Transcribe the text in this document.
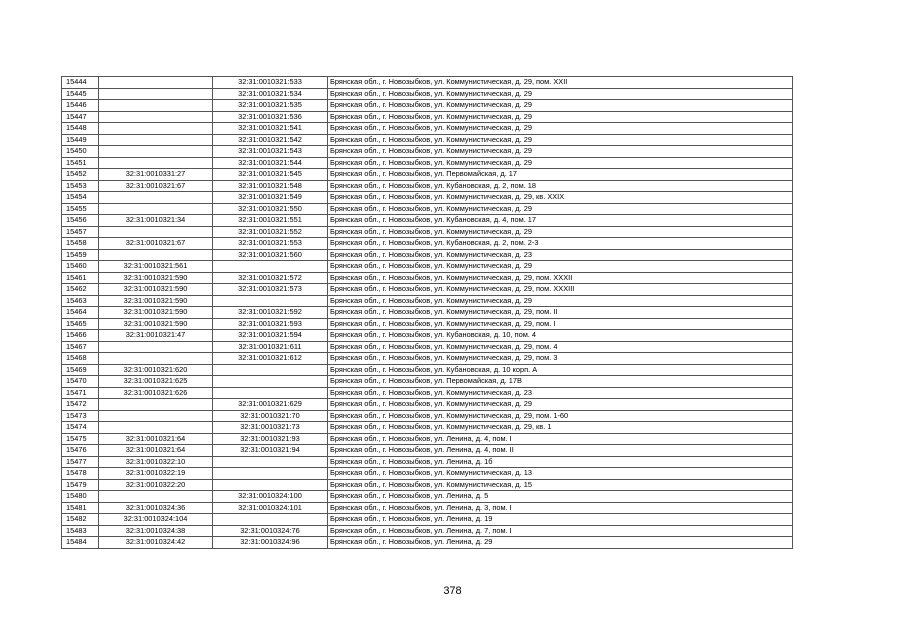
15444		32:31:0010321:533	Брянская обл., г. Новозыбков, ул. Коммунистическая, д. 29, пом. XXII
15445		32:31:0010321:534	Брянская обл., г. Новозыбков, ул. Коммунистическая, д. 29
15446		32:31:0010321:535	Брянская обл., г. Новозыбков, ул. Коммунистическая, д. 29
15447		32:31:0010321:536	Брянская обл., г. Новозыбков, ул. Коммунистическая, д. 29
15448		32:31:0010321:541	Брянская обл., г. Новозыбков, ул. Коммунистическая, д. 29
15449		32:31:0010321:542	Брянская обл., г. Новозыбков, ул. Коммунистическая, д. 29
15450		32:31:0010321:543	Брянская обл., г. Новозыбков, ул. Коммунистическая, д. 29
15451		32:31:0010321:544	Брянская обл., г. Новозыбков, ул. Коммунистическая, д. 29
15452	32:31:0010331:27	32:31:0010321:545	Брянская обл., г. Новозыбков, ул. Первомайская, д. 17
15453	32:31:0010321:67	32:31:0010321:548	Брянская обл., г. Новозыбков, ул. Кубановская, д. 2, пом. 18
15454		32:31:0010321:549	Брянская обл., г. Новозыбков, ул. Коммунистическая, д. 29, кв. XXIX
15455		32:31:0010321:550	Брянская обл., г. Новозыбков, ул. Коммунистическая, д. 29
15456	32:31:0010321:34	32:31:0010321:551	Брянская обл., г. Новозыбков, ул. Кубановская, д. 4, пом. 17
15457		32:31:0010321:552	Брянская обл., г. Новозыбков, ул. Коммунистическая, д. 29
15458	32:31:0010321:67	32:31:0010321:553	Брянская обл., г. Новозыбков, ул. Кубановская, д. 2, пом. 2-3
15459		32:31:0010321:560	Брянская обл., г. Новозыбков, ул. Коммунистическая, д. 23
15460	32:31:0010321:561		Брянская обл., г. Новозыбков, ул. Коммунистическая, д. 29
15461	32:31:0010321:590	32:31:0010321:572	Брянская обл., г. Новозыбков, ул. Коммунистическая, д. 29, пом. XXXII
15462	32:31:0010321:590	32:31:0010321:573	Брянская обл., г. Новозыбков, ул. Коммунистическая, д. 29, пом. XXXIII
15463	32:31:0010321:590		Брянская обл., г. Новозыбков, ул. Коммунистическая, д. 29
15464	32:31:0010321:590	32:31:0010321:592	Брянская обл., г. Новозыбков, ул. Коммунистическая, д. 29, пом. II
15465	32:31:0010321:590	32:31:0010321:593	Брянская обл., г. Новозыбков, ул. Коммунистическая, д. 29, пом. I
15466	32:31:0010321:47	32:31:0010321:594	Брянская обл., г. Новозыбков, ул. Кубановская, д. 10, пом. 4
15467		32:31:0010321:611	Брянская обл., г. Новозыбков, ул. Коммунистическая, д. 29, пом. 4
15468		32:31:0010321:612	Брянская обл., г. Новозыбков, ул. Коммунистическая, д. 29, пом. 3
15469	32:31:0010321:620		Брянская обл., г. Новозыбков, ул. Кубановская, д. 10 корп. А
15470	32:31:0010321:625		Брянская обл., г. Новозыбков, ул. Первомайская, д. 17В
15471	32:31:0010321:626		Брянская обл., г. Новозыбков, ул. Коммунистическая, д. 23
15472		32:31:0010321:629	Брянская обл., г. Новозыбков, ул. Коммунистическая, д. 29
15473		32:31:0010321:70	Брянская обл., г. Новозыбков, ул. Коммунистическая, д. 29, пом. 1-60
15474		32:31:0010321:73	Брянская обл., г. Новозыбков, ул. Коммунистическая, д. 29, кв. 1
15475	32:31:0010321:64	32:31:0010321:93	Брянская обл., г. Новозыбков, ул. Ленина, д. 4, пом. I
15476	32:31:0010321:64	32:31:0010321:94	Брянская обл., г. Новозыбков, ул. Ленина, д. 4, пом. II
15477	32:31:0010322:10		Брянская обл., г. Новозыбков, ул. Ленина, д. 1б
15478	32:31:0010322:19		Брянская обл., г. Новозыбков, ул. Коммунистическая, д. 13
15479	32:31:0010322:20		Брянская обл., г. Новозыбков, ул. Коммунистическая, д. 15
15480		32:31:0010324:100	Брянская обл., г. Новозыбков, ул. Ленина, д. 5
15481	32:31:0010324:36	32:31:0010324:101	Брянская обл., г. Новозыбков, ул. Ленина, д. 3, пом. I
15482	32:31:0010324:104		Брянская обл., г. Новозыбков, ул. Ленина, д. 19
15483	32:31:0010324:38	32:31:0010324:76	Брянская обл., г. Новозыбков, ул. Ленина, д. 7, пом. I
15484	32:31:0010324:42	32:31:0010324:96	Брянская обл., г. Новозыбков, ул. Ленина, д. 29
378
